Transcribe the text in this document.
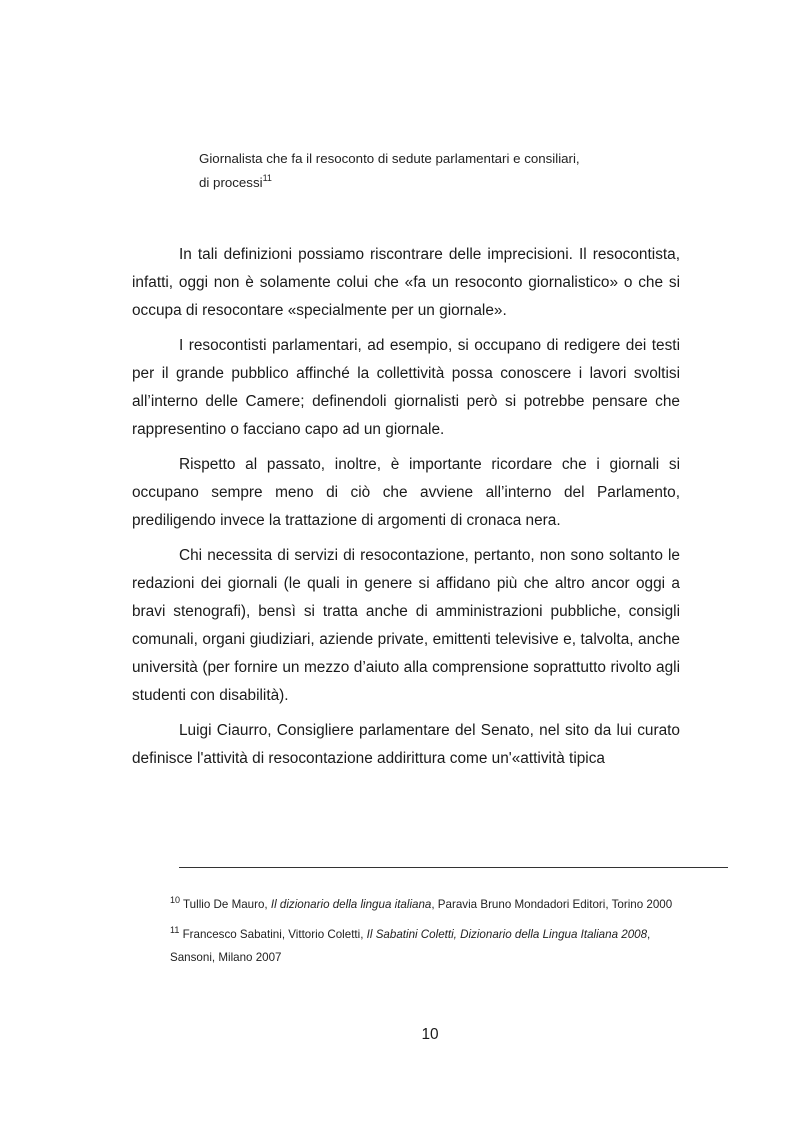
Giornalista che fa il resoconto di sedute parlamentari e consiliari,
di processi$^{11}$

In tali definizioni possiamo riscontrare delle imprecisioni. Il resocontista, infatti, oggi non è solamente colui che «fa un resoconto giornalistico» o che si occupa di resocontare «specialmente per un giornale».

I resocontisti parlamentari, ad esempio, si occupano di redigere dei testi per il grande pubblico affinché la collettività possa conoscere i lavori svoltisi all’interno delle Camere; definendoli giornalisti però si potrebbe pensare che rappresentino o facciano capo ad un giornale.

Rispetto al passato, inoltre, è importante ricordare che i giornali si occupano sempre meno di ciò che avviene all’interno del Parlamento, prediligendo invece la trattazione di argomenti di cronaca nera.

Chi necessita di servizi di resocontazione, pertanto, non sono soltanto le redazioni dei giornali (le quali in genere si affidano più che altro ancor oggi a bravi stenografi), bensì si tratta anche di amministrazioni pubbliche, consigli comunali, organi giudiziari, aziende private, emittenti televisive e, talvolta, anche università (per fornire un mezzo d’aiuto alla comprensione soprattutto rivolto agli studenti con disabilità).

Luigi Ciaurro, Consigliere parlamentare del Senato, nel sito da lui curato definisce l'attività di resocontazione addirittura come un'«attività tipica

$^{10}$ Tullio De Mauro, Il dizionario della lingua italiana, Paravia Bruno Mondadori Editori, Torino 2000
$^{11}$ Francesco Sabatini, Vittorio Coletti, Il Sabatini Coletti, Dizionario della Lingua Italiana 2008, Sansoni, Milano 2007
10
